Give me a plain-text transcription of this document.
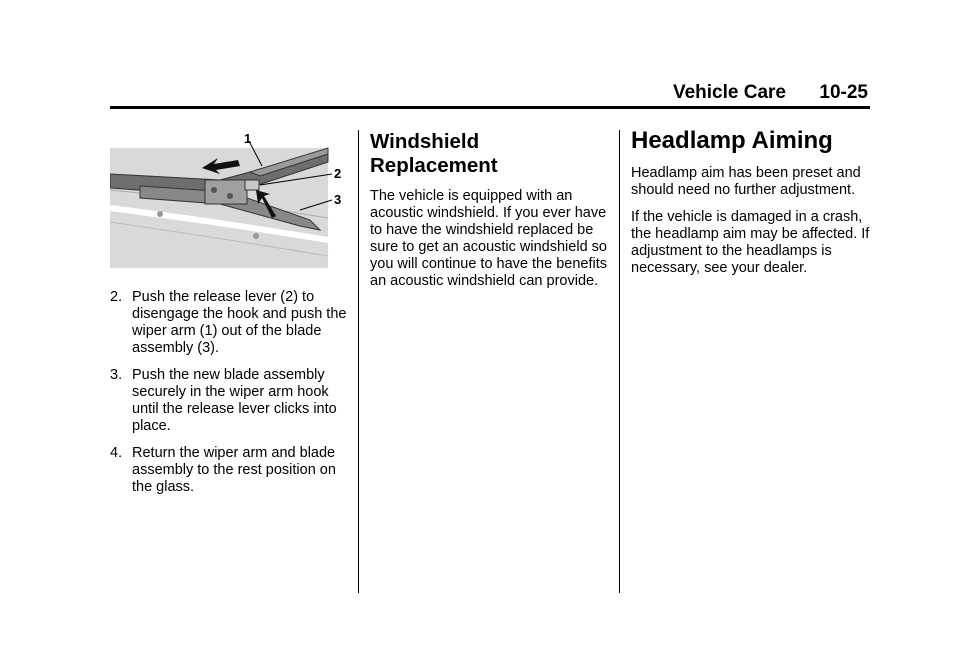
Vehicle Care 10-25
1
2
3
2. Push the release lever (2) to disengage the hook and push the wiper arm (1) out of the blade assembly (3).
3. Push the new blade assembly securely in the wiper arm hook until the release lever clicks into place.
4. Return the wiper arm and blade assembly to the rest position on the glass.
Windshield Replacement

The vehicle is equipped with an acoustic windshield. If you ever have to have the windshield replaced be sure to get an acoustic windshield so you will continue to have the benefits an acoustic windshield can provide.

Headlamp Aiming

Headlamp aim has been preset and should need no further adjustment.

If the vehicle is damaged in a crash, the headlamp aim may be affected. If adjustment to the headlamps is necessary, see your dealer.
